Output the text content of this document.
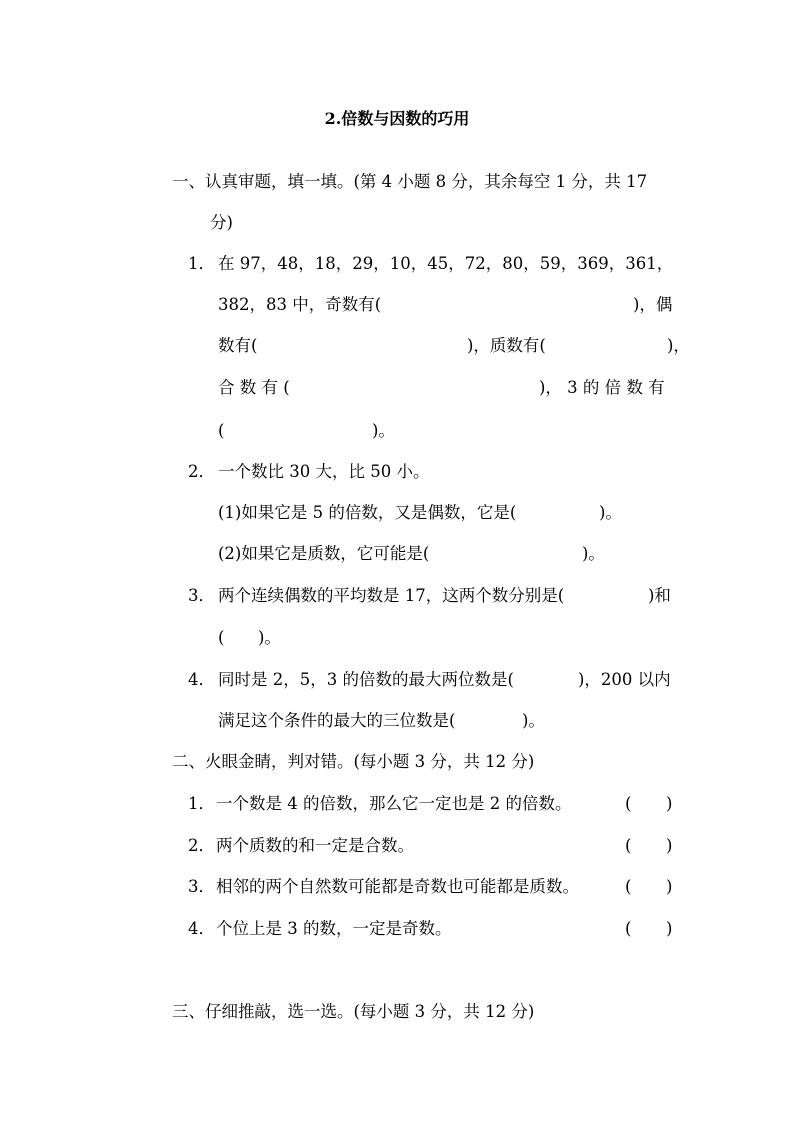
2.倍数与因数的巧用
一、认真审题，填一填。(第 4 小题 8 分，其余每空 1 分，共 17
分)
1． 在 97，48，18，29，10，45，72，80，59，369，361，
382，83 中，奇数有(	)，偶
数有(	)，质数有(	)，
合 数 有 (	)， 3 的 倍 数 有
(	)。
2． 一个数比 30 大，比 50 小。
(1)如果它是 5 的倍数，又是偶数，它是(	)。
(2)如果它是质数，它可能是(	)。
3． 两个连续偶数的平均数是 17，这两个数分别是(	)和
( )。
4． 同时是 2，5，3 的倍数的最大两位数是(	)，200 以内
满足这个条件的最大的三位数是(	)。
二、火眼金睛，判对错。(每小题 3 分，共 12 分)
1． 一个数是 4 的倍数，那么它一定也是 2 的倍数。	( )
2． 两个质数的和一定是合数。	( )
3． 相邻的两个自然数可能都是奇数也可能都是质数。	( )
4． 个位上是 3 的数，一定是奇数。	( )
三、仔细推敲，选一选。(每小题 3 分，共 12 分)
